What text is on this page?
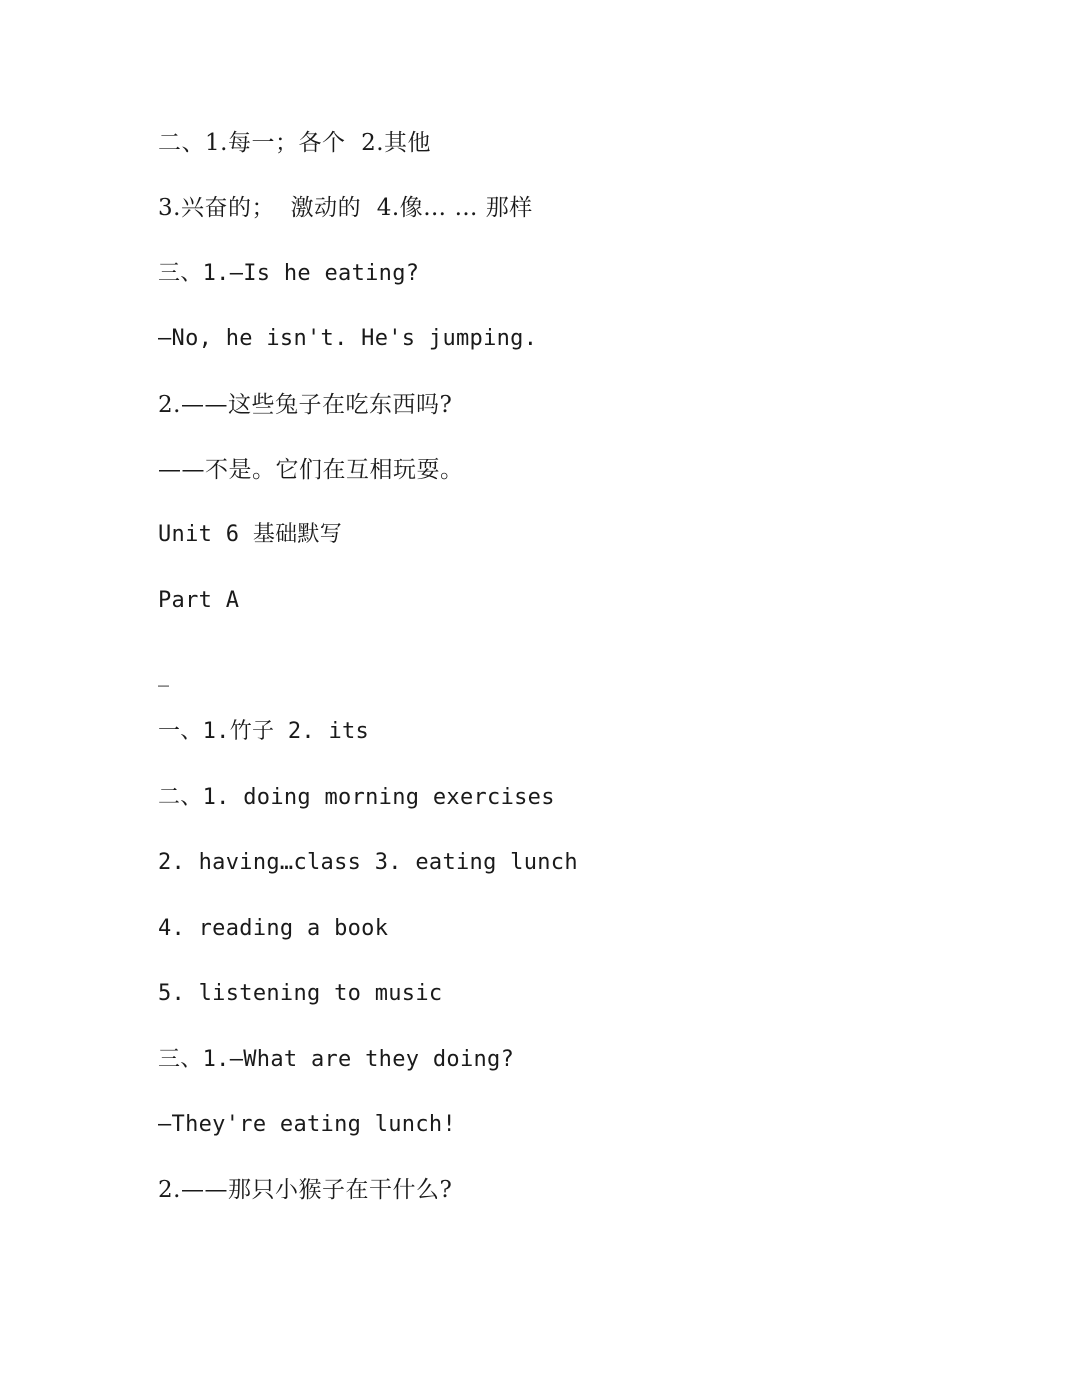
二、1.每一；各个  2.其他
3.兴奋的；  激动的  4.像… … 那样
三、1.—Is he eating?
—No, he isn't. He's jumping.
2.——这些兔子在吃东西吗?
——不是。它们在互相玩耍。
Unit 6 基础默写
Part A
_
一、1.竹子 2. its
二、1. doing morning exercises
2. having…class 3. eating lunch
4. reading a book
5. listening to music
三、1.—What are they doing?
—They're eating lunch!
2.——那只小猴子在干什么?
